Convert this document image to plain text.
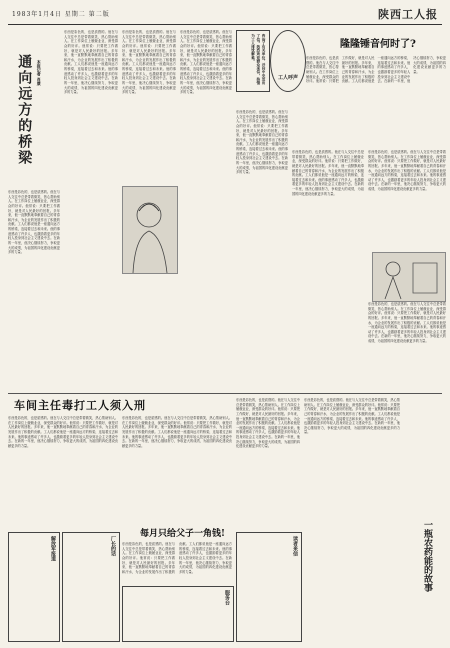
1983年1月4日 星期二 第二版	陕西工人报
通向远方的桥梁	本报记者 肖康
东西是彩色的，也是质感的。他在与人交往中总是带着微笑，热心帮助别人。在工作岗位上兢兢业业，深受群众的好评。他常说：只要把工作做好，就是对人民最好的回报。多年来，他一直默默地奉献着自己的青春和汗水，为企业的发展作出了积极的贡献。工人们都说他是一座通向远方的桥梁，连接着过去和未来。他的事迹感动了许多人，也激励着更多的年轻人投身到社会主义建设中去。在新的一年里，他决心继续努力，争取更大的成绩，为祖国的四化建设贡献更多的力量。
东西是彩色的，也是质感的。他在与人交往中总是带着微笑，热心帮助别人。在工作岗位上兢兢业业，深受群众的好评。他常说：只要把工作做好，就是对人民最好的回报。多年来，他一直默默地奉献着自己的青春和汗水，为企业的发展作出了积极的贡献。工人们都说他是一座通向远方的桥梁，连接着过去和未来。他的事迹感动了许多人，也激励着更多的年轻人投身到社会主义建设中去。在新的一年里，他决心继续努力，争取更大的成绩，为祖国的四化建设贡献更多的力量。
东西是彩色的，也是质感的。他在与人交往中总是带着微笑，热心帮助别人。在工作岗位上兢兢业业，深受群众的好评。他常说：只要把工作做好，就是对人民最好的回报。多年来，他一直默默地奉献着自己的青春和汗水，为企业的发展作出了积极的贡献。工人们都说他是一座通向远方的桥梁，连接着过去和未来。他的事迹感动了许多人，也激励着更多的年轻人投身到社会主义建设中去。在新的一年里，他决心继续努力，争取更大的成绩，为祖国的四化建设贡献更多的力量。
东西是彩色的，也是质感的。他在与人交往中总是带着微笑，热心帮助别人。在工作岗位上兢兢业业，深受群众的好评。他常说：只要把工作做好，就是对人民最好的回报。多年来，他一直默默地奉献着自己的青春和汗水，为企业的发展作出了积极的贡献。工人们都说他是一座通向远方的桥梁，连接着过去和未来。他的事迹感动了许多人，也激励着更多的年轻人投身到社会主义建设中去。在新的一年里，他决心继续努力，争取更大的成绩，为祖国的四化建设贡献更多的力量。
东西是彩色的，也是质感的。他在与人交往中总是带着微笑，热心帮助别人。在工作岗位上兢兢业业，深受群众的好评。他常说：只要把工作做好，就是对人民最好的回报。多年来，他一直默默地奉献着自己的青春和汗水，为企业的发展作出了积极的贡献。工人们都说他是一座通向远方的桥梁，连接着过去和未来。他的事迹感动了许多人，也激励着更多的年轻人投身到社会主义建设中去。在新的一年里，他决心继续努力，争取更大的成绩，为祖国的四化建设贡献更多的力量。
咨询了有关单位，并向中央发出了信。热烈欢迎群众来信，热情为工人排忧解难。
工人呼声
隆隆锤音何时了?
东西是彩色的，也是质感的。他在与人交往中总是带着微笑，热心帮助别人。在工作岗位上兢兢业业，深受群众的好评。他常说：只要把工作做好，就是对人民最好的回报。多年来，他一直默默地奉献着自己的青春和汗水，为企业的发展作出了积极的贡献。工人们都说他是一座通向远方的桥梁，连接着过去和未来。他的事迹感动了许多人，也激励着更多的年轻人投身到社会主义建设中去。在新的一年里，他决心继续努力，争取更大的成绩，为祖国的四化建设贡献更多的力量。
东西是彩色的，也是质感的。他在与人交往中总是带着微笑，热心帮助别人。在工作岗位上兢兢业业，深受群众的好评。他常说：只要把工作做好，就是对人民最好的回报。多年来，他一直默默地奉献着自己的青春和汗水，为企业的发展作出了积极的贡献。工人们都说他是一座通向远方的桥梁，连接着过去和未来。他的事迹感动了许多人，也激励着更多的年轻人投身到社会主义建设中去。在新的一年里，他决心继续努力，争取更大的成绩，为祖国的四化建设贡献更多的力量。
东西是彩色的，也是质感的。他在与人交往中总是带着微笑，热心帮助别人。在工作岗位上兢兢业业，深受群众的好评。他常说：只要把工作做好，就是对人民最好的回报。多年来，他一直默默地奉献着自己的青春和汗水，为企业的发展作出了积极的贡献。工人们都说他是一座通向远方的桥梁，连接着过去和未来。他的事迹感动了许多人，也激励着更多的年轻人投身到社会主义建设中去。在新的一年里，他决心继续努力，争取更大的成绩，为祖国的四化建设贡献更多的力量。
东西是彩色的，也是质感的。他在与人交往中总是带着微笑，热心帮助别人。在工作岗位上兢兢业业，深受群众的好评。他常说：只要把工作做好，就是对人民最好的回报。多年来，他一直默默地奉献着自己的青春和汗水，为企业的发展作出了积极的贡献。工人们都说他是一座通向远方的桥梁，连接着过去和未来。他的事迹感动了许多人，也激励着更多的年轻人投身到社会主义建设中去。在新的一年里，他决心继续努力，争取更大的成绩，为祖国的四化建设贡献更多的力量。
车间主任毒打工人须入刑
东西是彩色的，也是质感的。他在与人交往中总是带着微笑，热心帮助别人。在工作岗位上兢兢业业，深受群众的好评。他常说：只要把工作做好，就是对人民最好的回报。多年来，他一直默默地奉献着自己的青春和汗水，为企业的发展作出了积极的贡献。工人们都说他是一座通向远方的桥梁，连接着过去和未来。他的事迹感动了许多人，也激励着更多的年轻人投身到社会主义建设中去。在新的一年里，他决心继续努力，争取更大的成绩，为祖国的四化建设贡献更多的力量。
东西是彩色的，也是质感的。他在与人交往中总是带着微笑，热心帮助别人。在工作岗位上兢兢业业，深受群众的好评。他常说：只要把工作做好，就是对人民最好的回报。多年来，他一直默默地奉献着自己的青春和汗水，为企业的发展作出了积极的贡献。工人们都说他是一座通向远方的桥梁，连接着过去和未来。他的事迹感动了许多人，也激励着更多的年轻人投身到社会主义建设中去。在新的一年里，他决心继续努力，争取更大的成绩，为祖国的四化建设贡献更多的力量。
东西是彩色的，也是质感的。他在与人交往中总是带着微笑，热心帮助别人。在工作岗位上兢兢业业，深受群众的好评。他常说：只要把工作做好，就是对人民最好的回报。多年来，他一直默默地奉献着自己的青春和汗水，为企业的发展作出了积极的贡献。工人们都说他是一座通向远方的桥梁，连接着过去和未来。他的事迹感动了许多人，也激励着更多的年轻人投身到社会主义建设中去。在新的一年里，他决心继续努力，争取更大的成绩，为祖国的四化建设贡献更多的力量。
每月只给父子一角钱!
东西是彩色的，也是质感的。他在与人交往中总是带着微笑，热心帮助别人。在工作岗位上兢兢业业，深受群众的好评。他常说：只要把工作做好，就是对人民最好的回报。多年来，他一直默默地奉献着自己的青春和汗水，为企业的发展作出了积极的贡献。工人们都说他是一座通向远方的桥梁，连接着过去和未来。他的事迹感动了许多人，也激励着更多的年轻人投身到社会主义建设中去。在新的一年里，他决心继续努力，争取更大的成绩，为祖国的四化建设贡献更多的力量。
东西是彩色的，也是质感的。他在与人交往中总是带着微笑，热心帮助别人。在工作岗位上兢兢业业，深受群众的好评。他常说：只要把工作做好，就是对人民最好的回报。多年来，他一直默默地奉献着自己的青春和汗水，为企业的发展作出了积极的贡献。工人们都说他是一座通向远方的桥梁，连接着过去和未来。他的事迹感动了许多人，也激励着更多的年轻人投身到社会主义建设中去。在新的一年里，他决心继续努力，争取更大的成绩，为祖国的四化建设贡献更多的力量。
一瓶农药能的故事
解放军报道	厂长的话
服务台
读者来信
